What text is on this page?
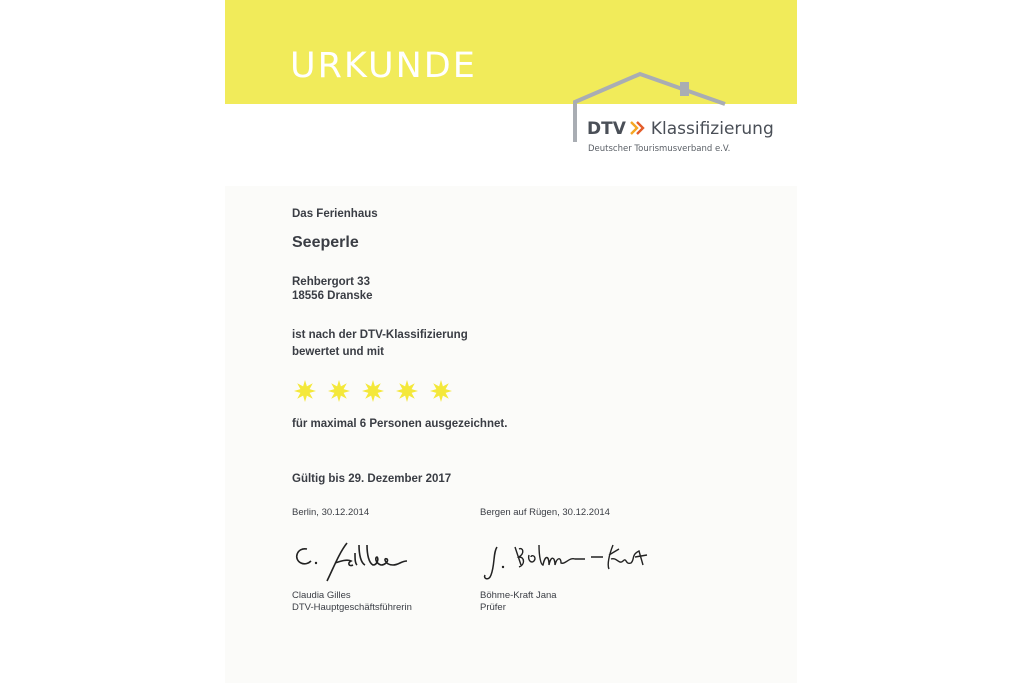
URKUNDE
DTV Klassifizierung
Deutscher Tourismusverband e.V.
Das Ferienhaus
Seeperle
Rehbergort 33
18556 Dranske
ist nach der DTV-Klassifizierung
bewertet und mit
für maximal 6 Personen ausgezeichnet.
Gültig bis 29. Dezember 2017
Berlin, 30.12.2014	Bergen auf Rügen, 30.12.2014
Claudia Gilles
DTV-Hauptgeschäftsführerin
Böhme-Kraft Jana
Prüfer
